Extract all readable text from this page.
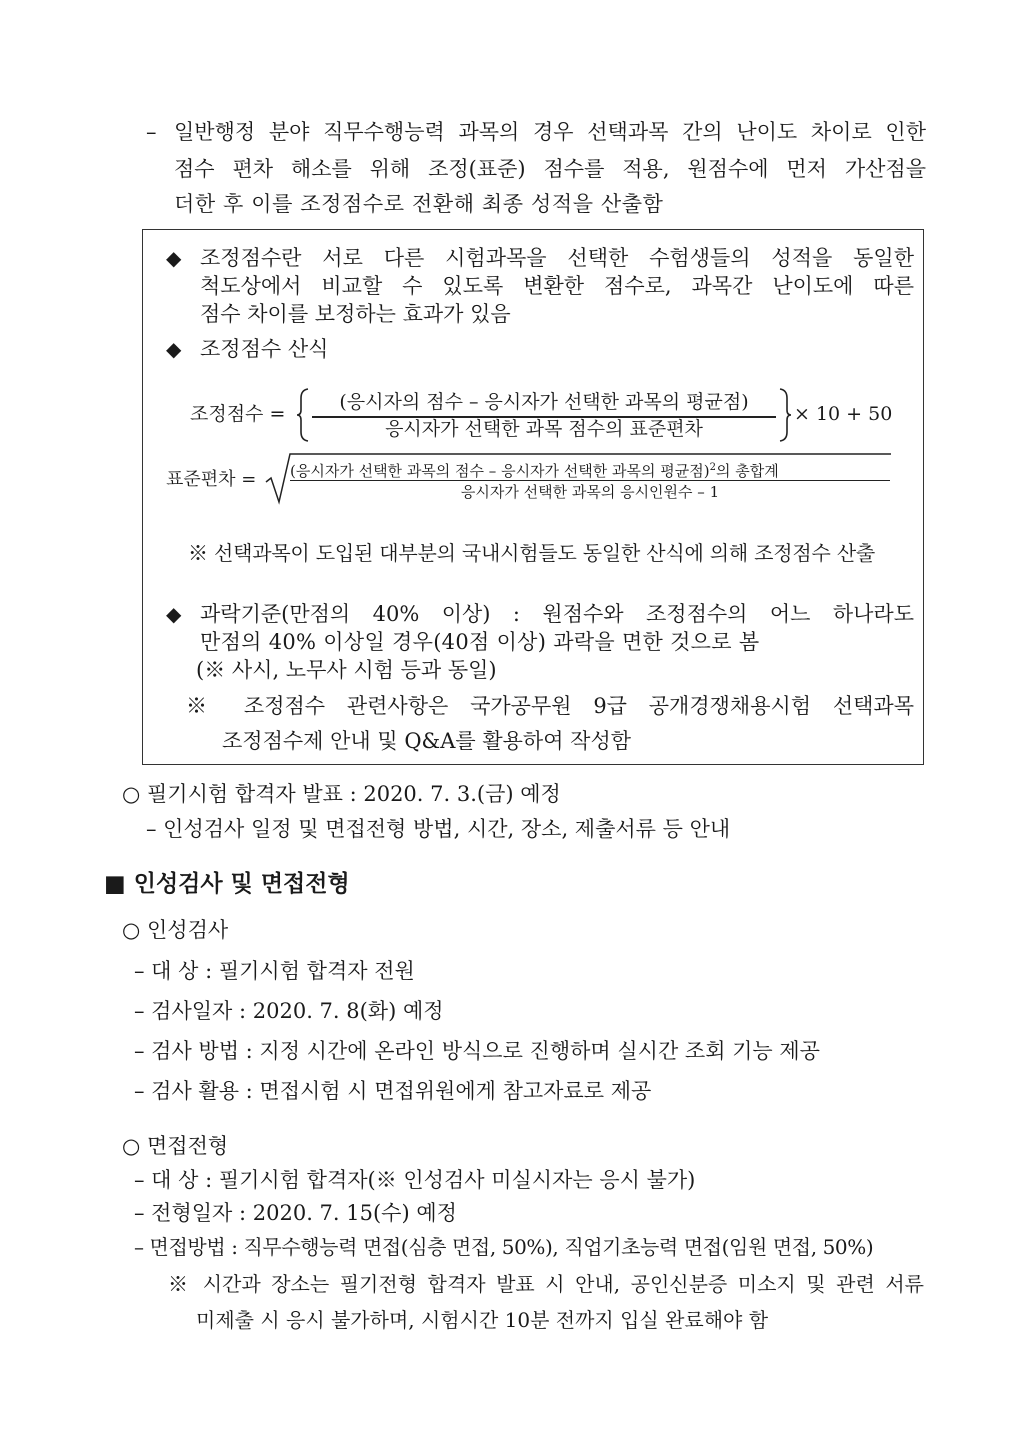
– 일반행정 분야 직무수행능력 과목의 경우 선택과목 간의 난이도 차이로 인한
점수 편차 해소를 위해 조정(표준) 점수를 적용, 원점수에 먼저 가산점을
더한 후 이를 조정점수로 전환해 최종 성적을 산출함
◆ 조정점수란 서로 다른 시험과목을 선택한 수험생들의 성적을 동일한
척도상에서 비교할 수 있도록 변환한 점수로, 과목간 난이도에 따른
점수 차이를 보정하는 효과가 있음
◆ 조정점수 산식
조정점수 =
(응시자의 점수 – 응시자가 선택한 과목의 평균점)
응시자가 선택한 과목 점수의 표준편차
× 10 + 50
표준편차 = (응시자가 선택한 과목의 점수 – 응시자가 선택한 과목의 평균점)$^2$의 총합계
응시자가 선택한 과목의 응시인원수 – 1
※ 선택과목이 도입된 대부분의 국내시험들도 동일한 산식에 의해 조정점수 산출
◆ 과락기준(만점의 40% 이상) : 원점수와 조정점수의 어느 하나라도
만점의 40% 이상일 경우(40점 이상) 과락을 면한 것으로 봄
(※ 사시, 노무사 시험 등과 동일)
※ 조정점수 관련사항은 국가공무원 9급 공개경쟁채용시험 선택과목
조정점수제 안내 및 Q&A를 활용하여 작성함
○ 필기시험 합격자 발표 : 2020. 7. 3.(금) 예정
– 인성검사 일정 및 면접전형 방법, 시간, 장소, 제출서류 등 안내
■ 인성검사 및 면접전형
○ 인성검사
– 대 상 : 필기시험 합격자 전원
– 검사일자 : 2020. 7. 8(화) 예정
– 검사 방법 : 지정 시간에 온라인 방식으로 진행하며 실시간 조회 기능 제공
– 검사 활용 : 면접시험 시 면접위원에게 참고자료로 제공
○ 면접전형
– 대 상 : 필기시험 합격자(※ 인성검사 미실시자는 응시 불가)
– 전형일자 : 2020. 7. 15(수) 예정
– 면접방법 : 직무수행능력 면접(심층 면접, 50%), 직업기초능력 면접(임원 면접, 50%)
※ 시간과 장소는 필기전형 합격자 발표 시 안내, 공인신분증 미소지 및 관련 서류
미제출 시 응시 불가하며, 시험시간 10분 전까지 입실 완료해야 함
